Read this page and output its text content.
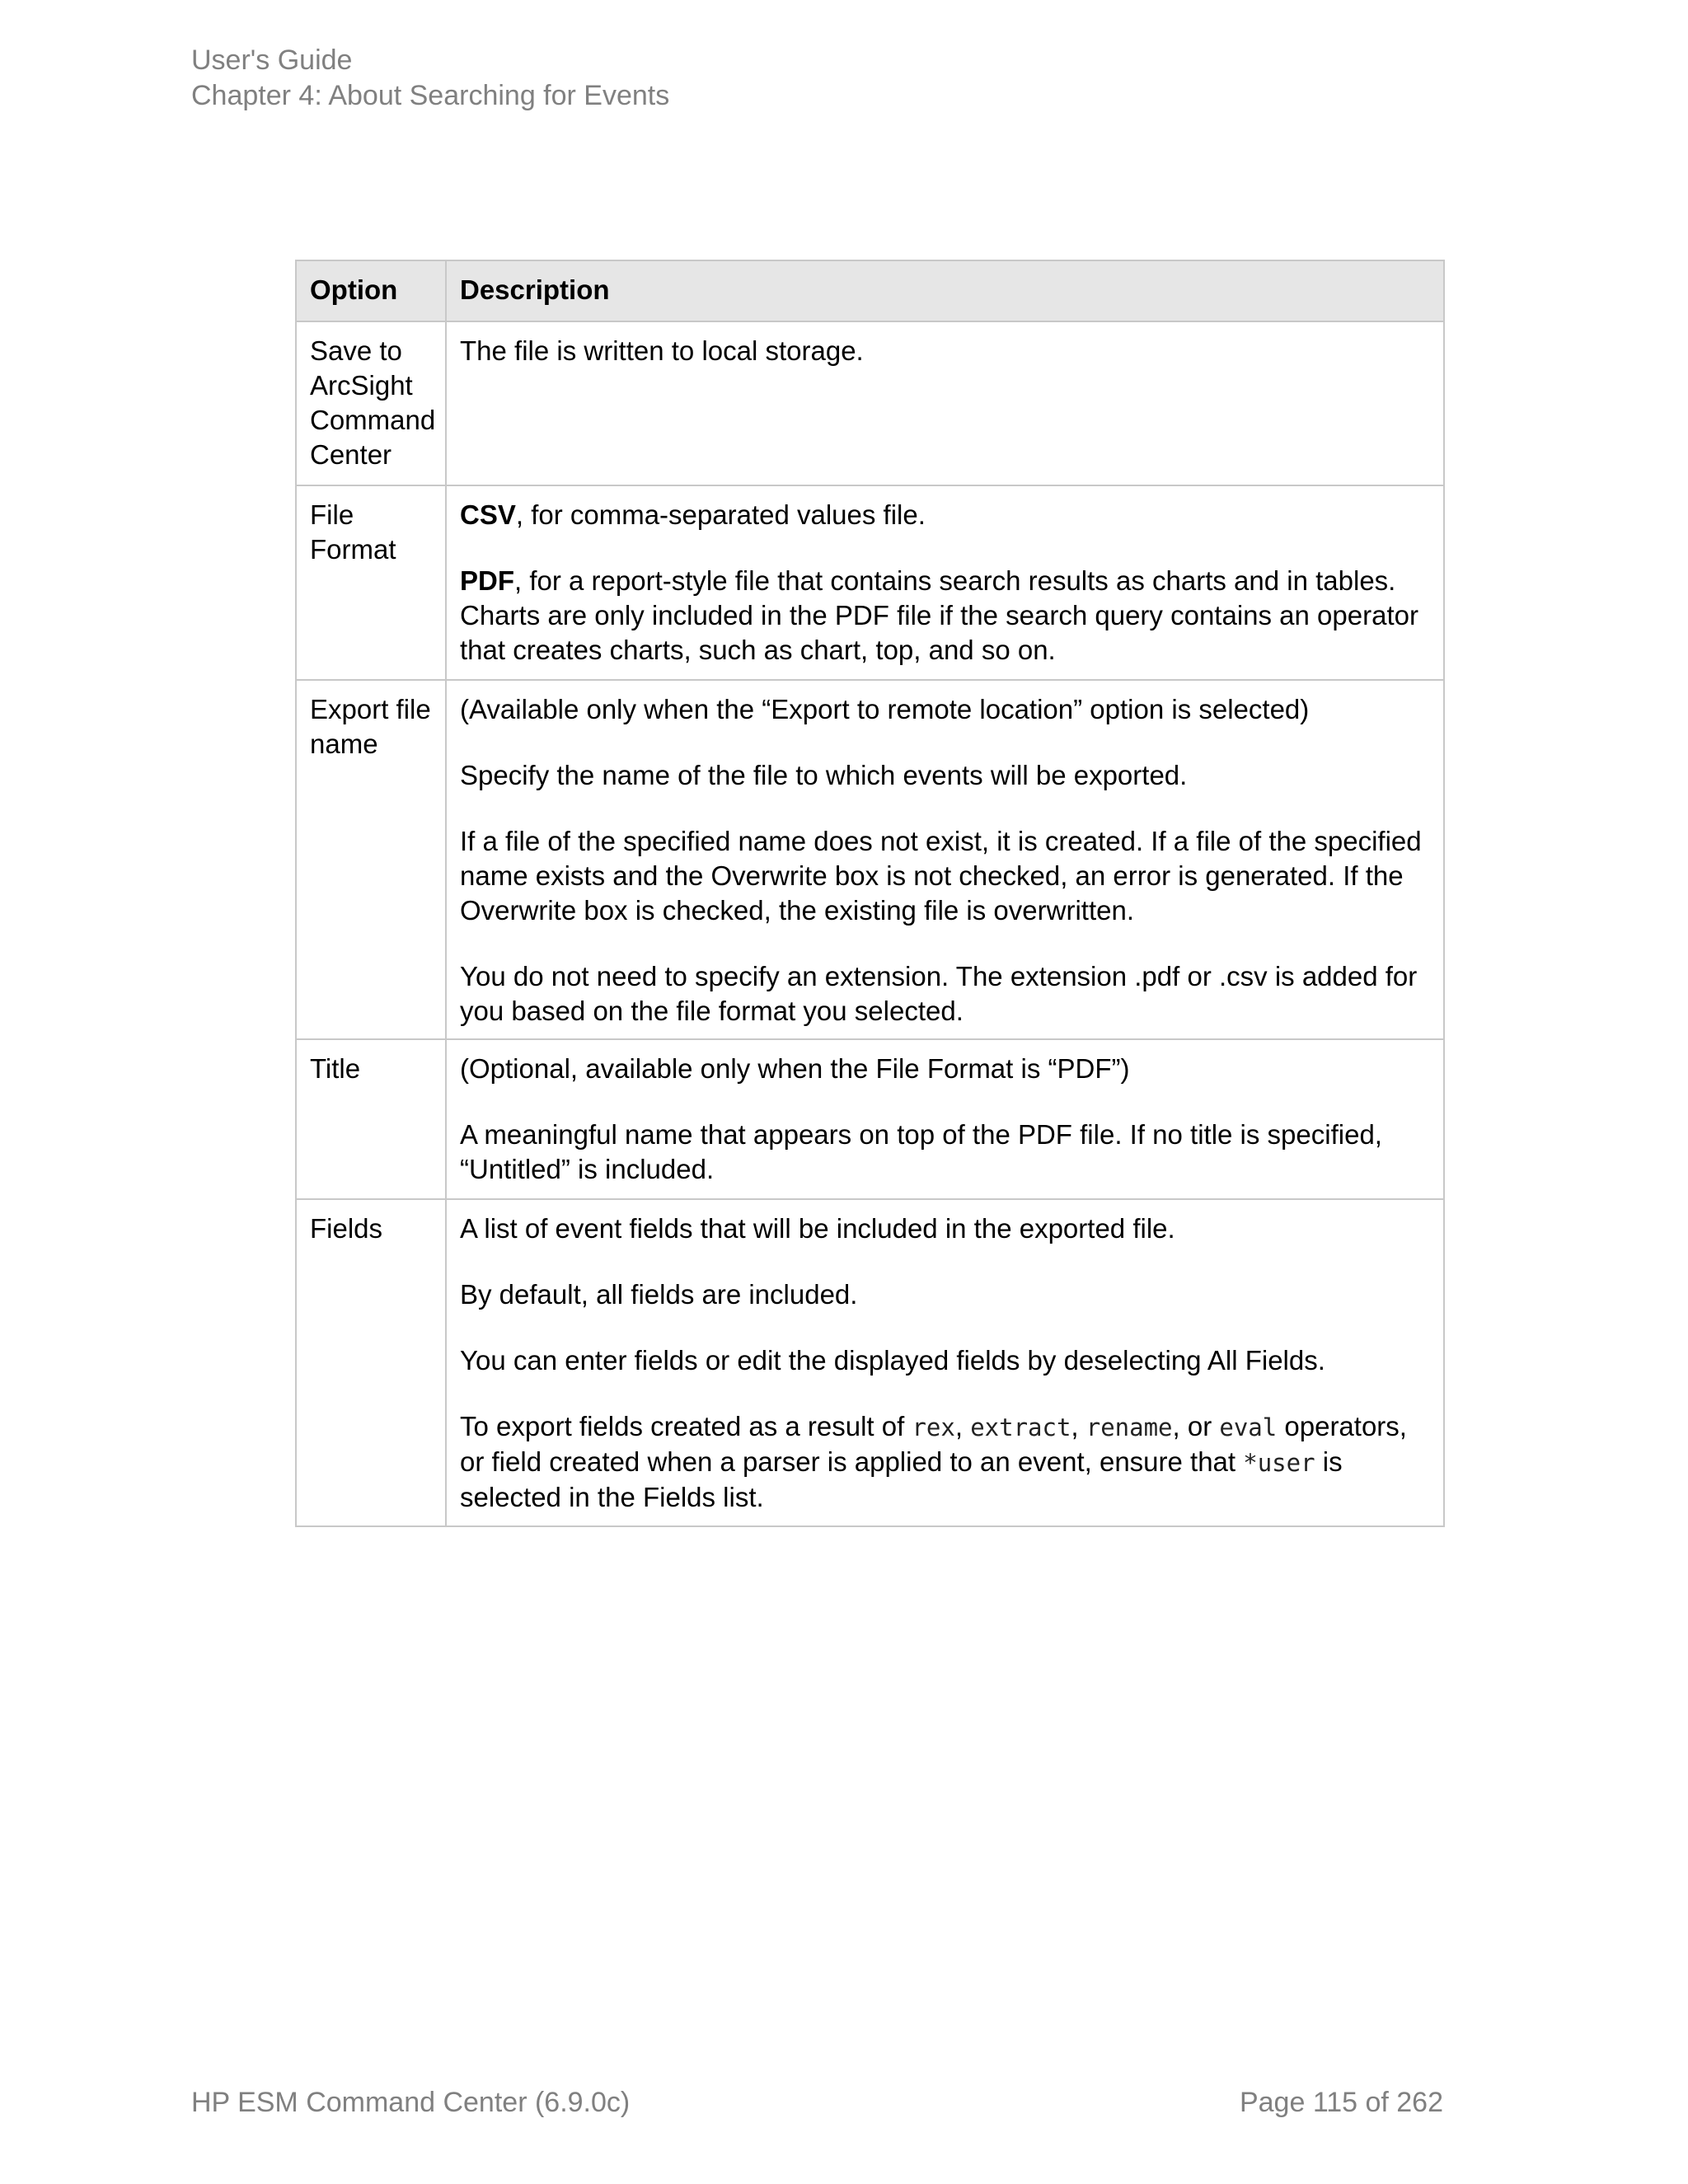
User's Guide
Chapter 4: About Searching for Events
Option	Description
Save to ArcSight Command Center	The file is written to local storage.

File Format	CSV, for comma-separated values file.

PDF, for a report-style file that contains search results as charts and in tables. Charts are only included in the PDF file if the search query contains an operator that creates charts, such as chart, top, and so on.

Export file name	(Available only when the “Export to remote location” option is selected)

Specify the name of the file to which events will be exported.

If a file of the specified name does not exist, it is created. If a file of the specified name exists and the Overwrite box is not checked, an error is generated. If the Overwrite box is checked, the existing file is overwritten.

You do not need to specify an extension. The extension .pdf or .csv is added for you based on the file format you selected.

Title	(Optional, available only when the File Format is “PDF”)

A meaningful name that appears on top of the PDF file. If no title is specified, “Untitled” is included.

Fields	A list of event fields that will be included in the exported file.

By default, all fields are included.

You can enter fields or edit the displayed fields by deselecting All Fields.

To export fields created as a result of rex, extract, rename, or eval operators, or field created when a parser is applied to an event, ensure that *user is selected in the Fields list.

HP ESM Command Center (6.9.0c)	Page 115 of 262
